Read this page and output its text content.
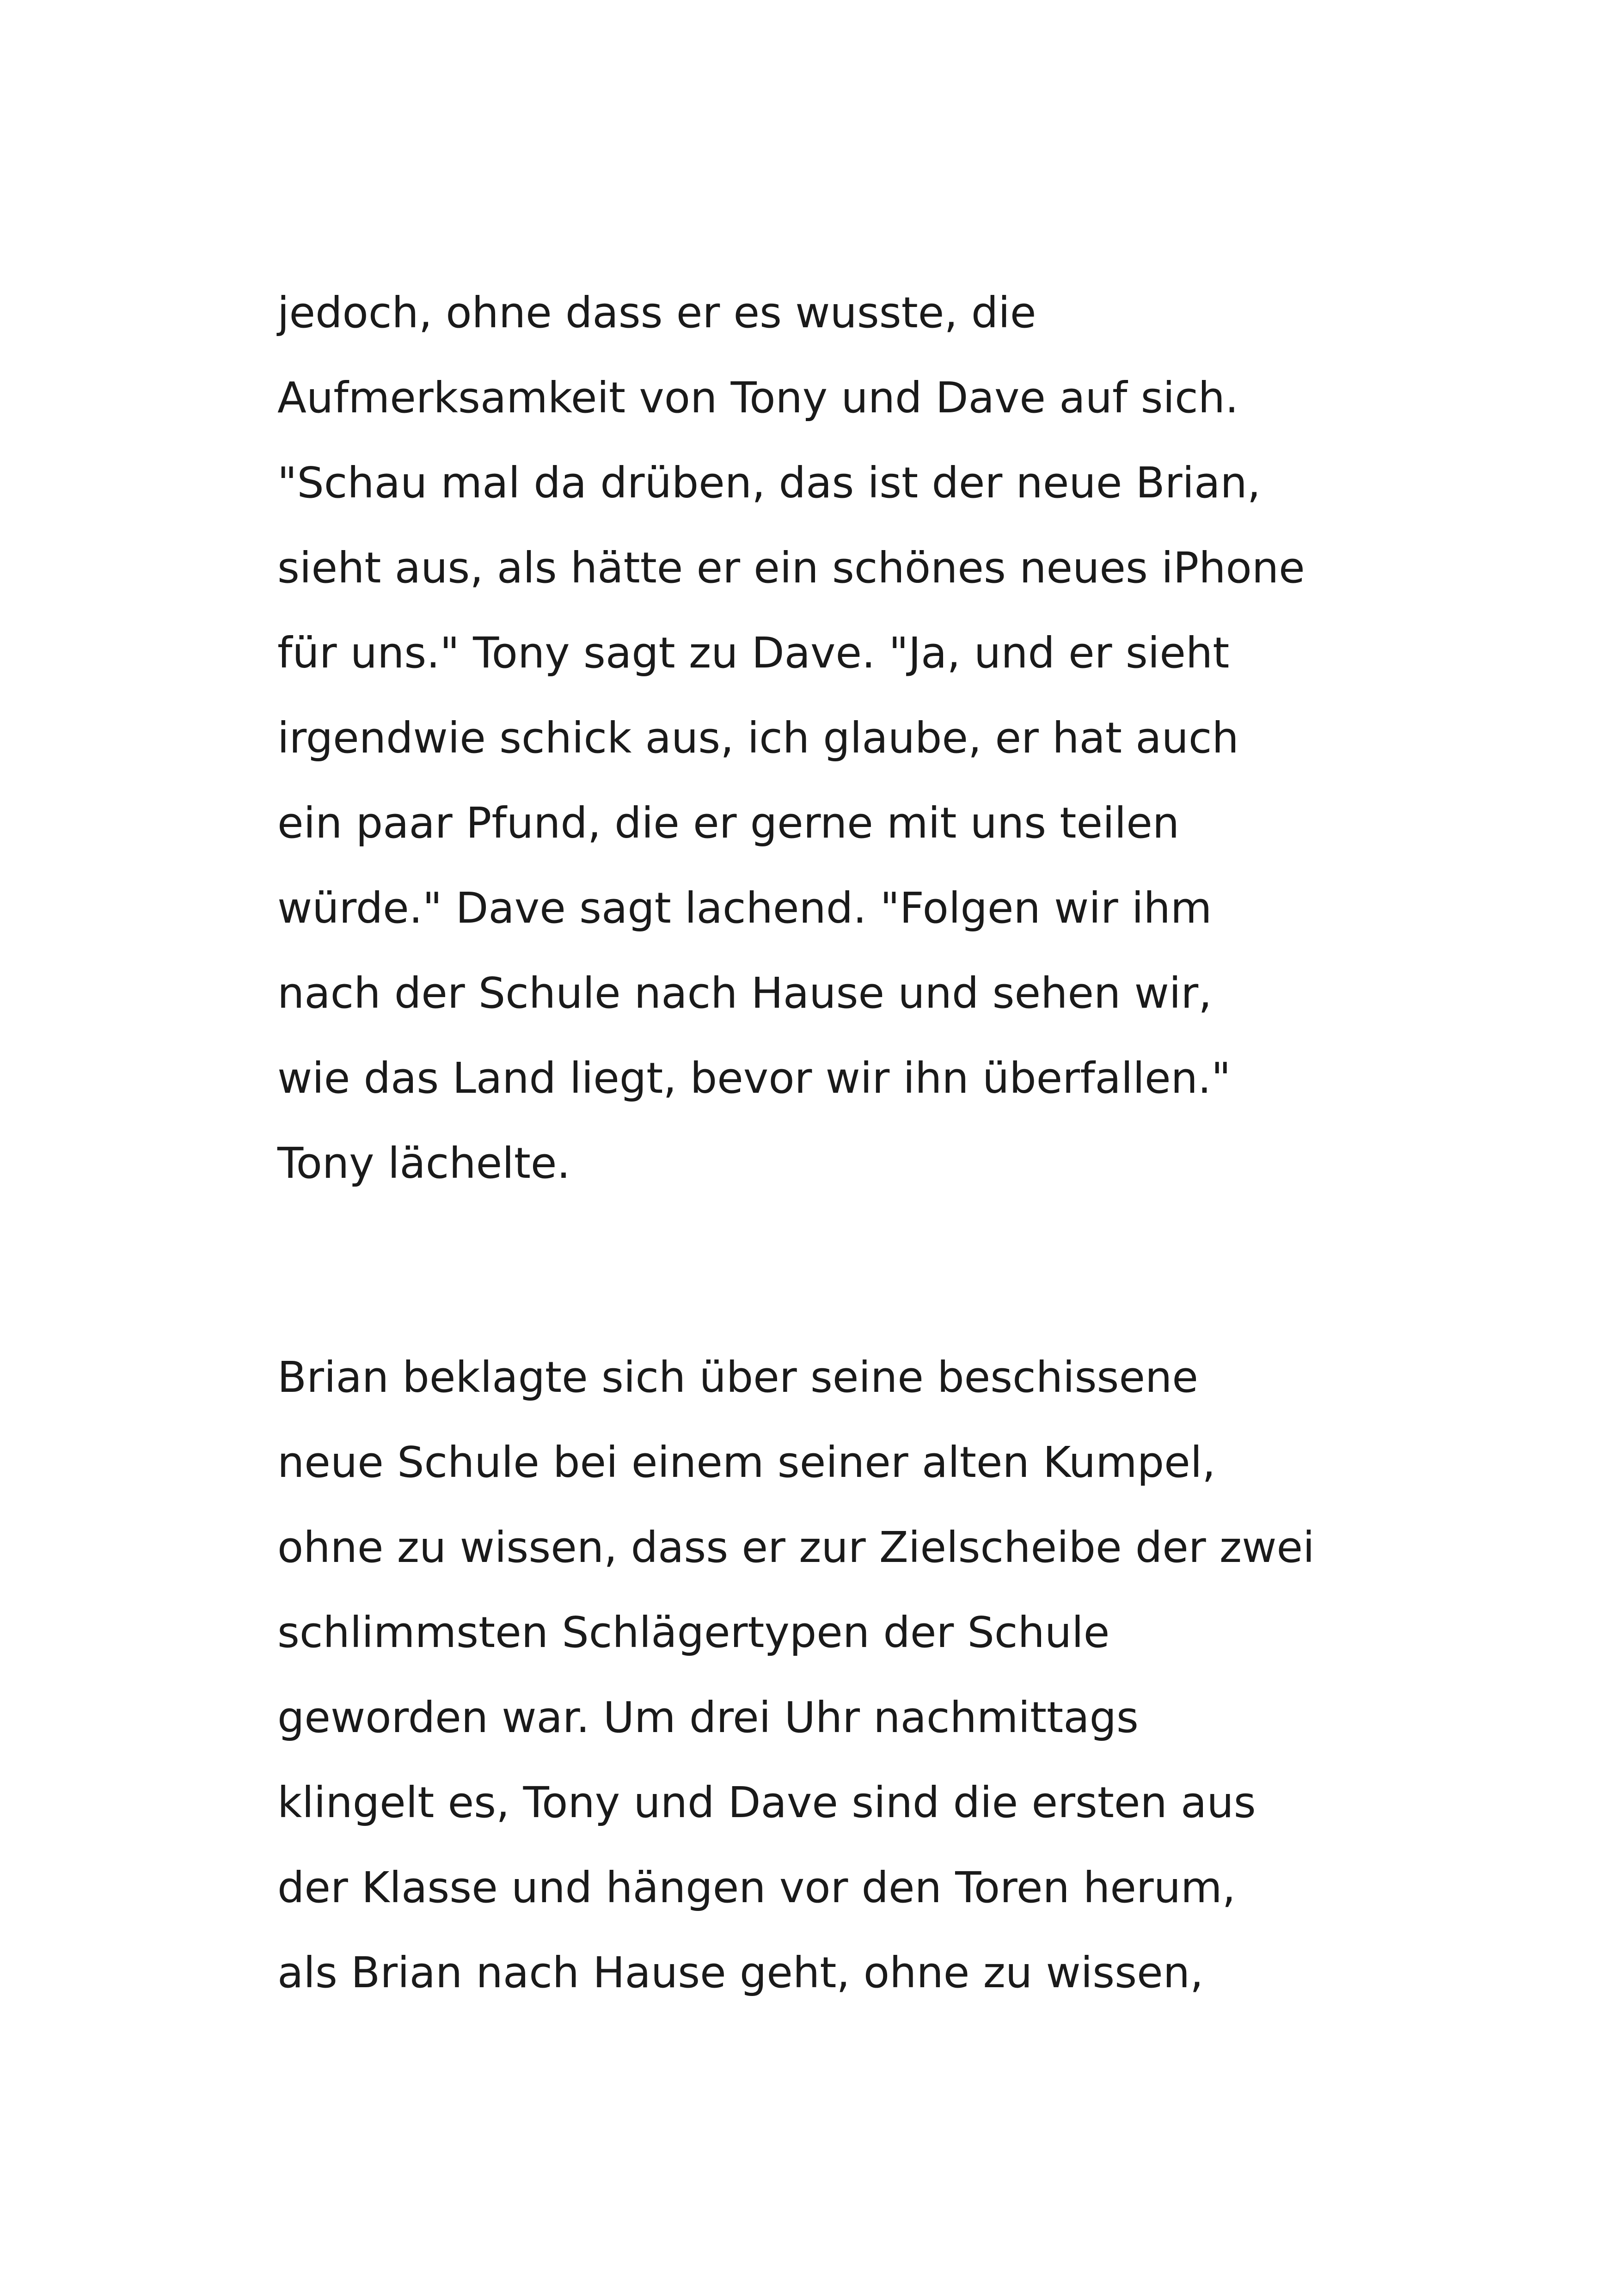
jedoch, ohne dass er es wusste, die
Aufmerksamkeit von Tony und Dave auf sich.
"Schau mal da drüben, das ist der neue Brian,
sieht aus, als hätte er ein schönes neues iPhone
für uns." Tony sagt zu Dave. "Ja, und er sieht
irgendwie schick aus, ich glaube, er hat auch
ein paar Pfund, die er gerne mit uns teilen
würde." Dave sagt lachend. "Folgen wir ihm
nach der Schule nach Hause und sehen wir,
wie das Land liegt, bevor wir ihn überfallen."
Tony lächelte.

Brian beklagte sich über seine beschissene
neue Schule bei einem seiner alten Kumpel,
ohne zu wissen, dass er zur Zielscheibe der zwei
schlimmsten Schlägertypen der Schule
geworden war. Um drei Uhr nachmittags
klingelt es, Tony und Dave sind die ersten aus
der Klasse und hängen vor den Toren herum,
als Brian nach Hause geht, ohne zu wissen,
